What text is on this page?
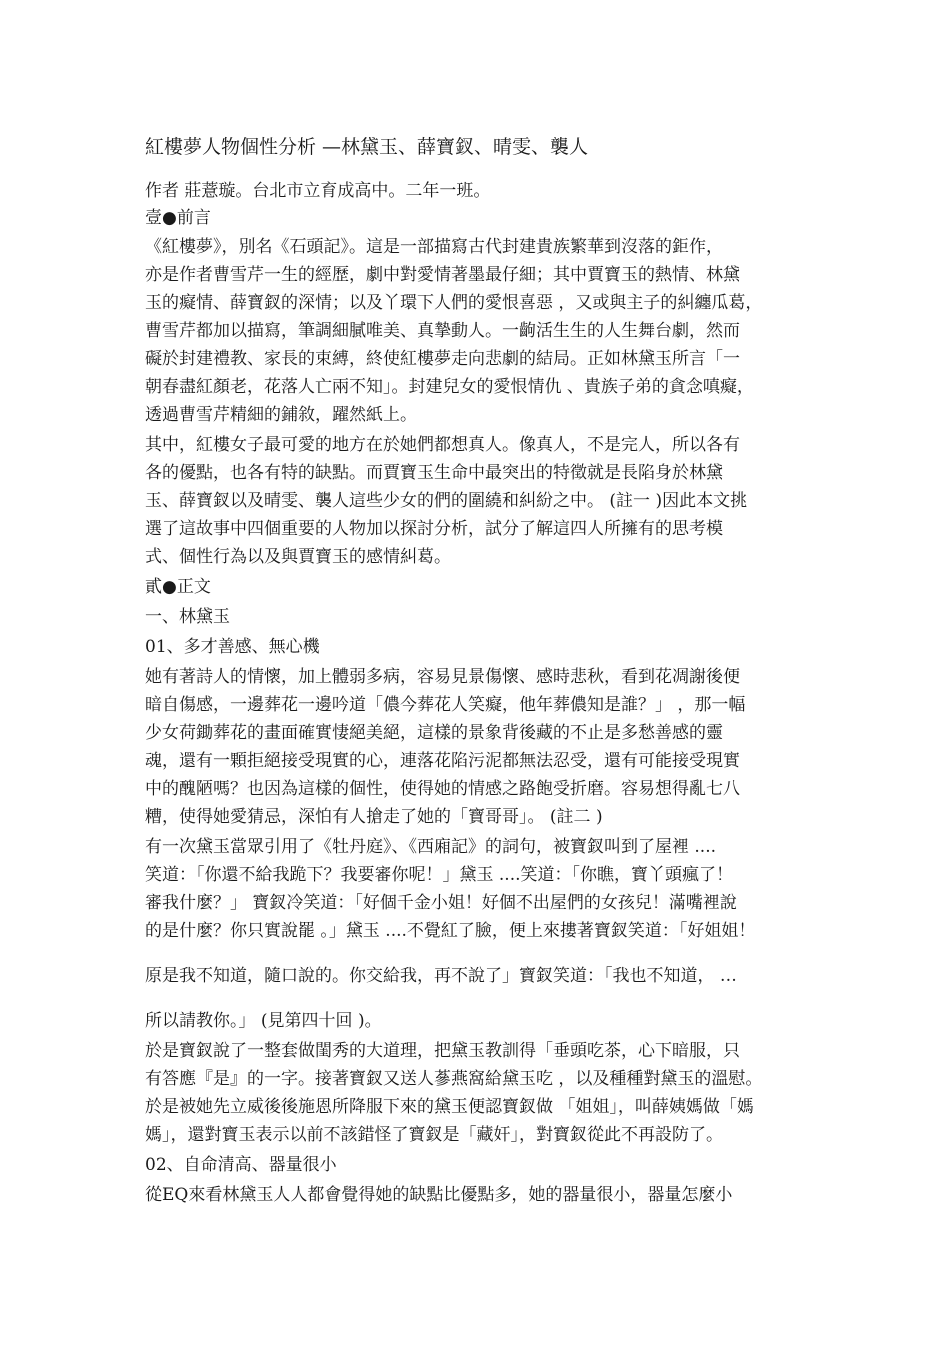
紅樓夢人物個性分析 —林黛玉、薛寶釵、晴雯、襲人
作者 莊薏璇。台北市立育成高中。二年一班。
壹●前言
《紅樓夢》，別名《石頭記》。這是一部描寫古代封建貴族繁華到沒落的鉅作，
亦是作者曹雪芹一生的經歷，劇中對愛情著墨最仔細；其中賈寶玉的熱情、林黛
玉的癡情、薛寶釵的深情；以及丫環下人們的愛恨喜惡 ，又或與主子的糾纏瓜葛，
曹雪芹都加以描寫，筆調細膩唯美、真摯動人。一齣活生生的人生舞台劇，然而
礙於封建禮教、家長的束縛，終使紅樓夢走向悲劇的結局。正如林黛玉所言「一
朝春盡紅顏老，花落人亡兩不知」。封建兒女的愛恨情仇 、貴族子弟的貪念嗔癡，
透過曹雪芹精細的鋪敘，躍然紙上。
其中，紅樓女子最可愛的地方在於她們都想真人。像真人，不是完人，所以各有
各的優點，也各有特的缺點。而賈寶玉生命中最突出的特徵就是長陷身於林黛
玉、薛寶釵以及晴雯、襲人這些少女的們的圍繞和糾紛之中。 (註一 )因此本文挑
選了這故事中四個重要的人物加以探討分析，試分了解這四人所擁有的思考模
式、個性行為以及與賈寶玉的感情糾葛。
貳●正文
一、林黛玉
01、多才善感、無心機
她有著詩人的情懷，加上體弱多病，容易見景傷懷、感時悲秋，看到花凋謝後便
暗自傷感，一邊葬花一邊吟道「儂今葬花人笑癡，他年葬儂知是誰？」 ，那一幅
少女荷鋤葬花的畫面確實悽絕美絕，這樣的景象背後藏的不止是多愁善感的靈
魂，還有一顆拒絕接受現實的心，連落花陷污泥都無法忍受，還有可能接受現實
中的醜陋嗎？也因為這樣的個性，使得她的情感之路飽受折磨。容易想得亂七八
糟，使得她愛猜忌，深怕有人搶走了她的「寶哥哥」。 (註二 )
有一次黛玉當眾引用了《牡丹庭》、《西廂記》的詞句，被寶釵叫到了屋裡 ....
笑道：「你還不給我跪下？我要審你呢！」黛玉 ....笑道：「你瞧，寶丫頭瘋了！
審我什麼？」 寶釵冷笑道：「好個千金小姐！好個不出屋們的女孩兒！滿嘴裡說
的是什麼？你只實說罷 。」黛玉 ....不覺紅了臉，便上來摟著寶釵笑道：「好姐姐！
原是我不知道，隨口說的。你交給我，再不說了」寶釵笑道：「我也不知道， …
所以請教你。」 (見第四十回 )。
於是寶釵說了一整套做閨秀的大道理，把黛玉教訓得「垂頭吃茶，心下暗服，只
有答應『是』的一字。接著寶釵又送人蔘燕窩給黛玉吃 ，以及種種對黛玉的溫慰。
於是被她先立威後後施恩所降服下來的黛玉便認寶釵做 「姐姐」，叫薛姨媽做「媽
媽」，還對寶玉表示以前不該錯怪了寶釵是「藏奸」，對寶釵從此不再設防了。
02、自命清高、器量很小
從EQ來看林黛玉人人都會覺得她的缺點比優點多，她的器量很小，器量怎麼小
